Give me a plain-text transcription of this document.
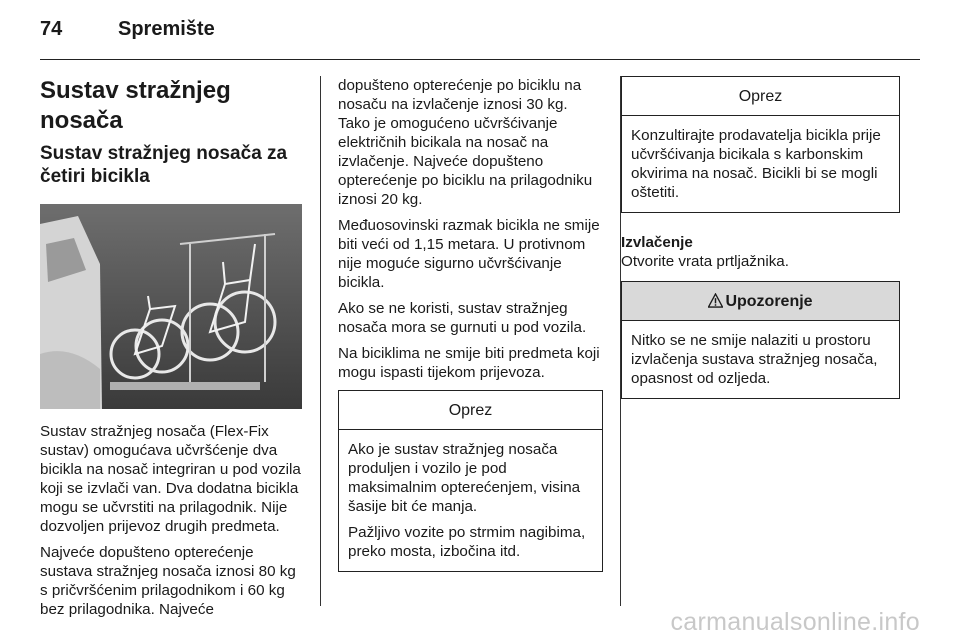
74	Spremište
Sustav stražnjeg nosača
Sustav stražnjeg nosača za četiri bicikla

Sustav stražnjeg nosača (Flex-Fix sustav) omogućava učvršćenje dva bicikla na nosač integriran u pod vozila koji se izvlači van. Dva dodatna bicikla mogu se učvrstiti na prilagodnik. Nije dozvoljen prijevoz drugih predmeta.

Najveće dopušteno opterećenje sustava stražnjeg nosača iznosi 80 kg s pričvršćenim prilagodnikom i 60 kg bez prilagodnika. Najveće

dopušteno opterećenje po biciklu na nosaču na izvlačenje iznosi 30 kg. Tako je omogućeno učvršćivanje električnih bicikala na nosač na izvlačenje. Najveće dopušteno opterećenje po biciklu na prilagodniku iznosi 20 kg.

Međuosovinski razmak bicikla ne smije biti veći od 1,15 metara. U protivnom nije moguće sigurno učvršćivanje bicikla.

Ako se ne koristi, sustav stražnjeg nosača mora se gurnuti u pod vozila.

Na biciklima ne smije biti predmeta koji mogu ispasti tijekom prijevoza.

Oprez

Ako je sustav stražnjeg nosača produljen i vozilo je pod maksimalnim opterećenjem, visina šasije bit će manja.

Pažljivo vozite po strmim nagibima, preko mosta, izbočina itd.

Oprez

Konzultirajte prodavatelja bicikla prije učvršćivanja bicikala s karbonskim okvirima na nosač. Bicikli bi se mogli oštetiti.

Izvlačenje

Otvorite vrata prtljažnika.

Upozorenje

Nitko se ne smije nalaziti u prostoru izvlačenja sustava stražnjeg nosača, opasnost od ozljeda.

carmanualsonline.info
